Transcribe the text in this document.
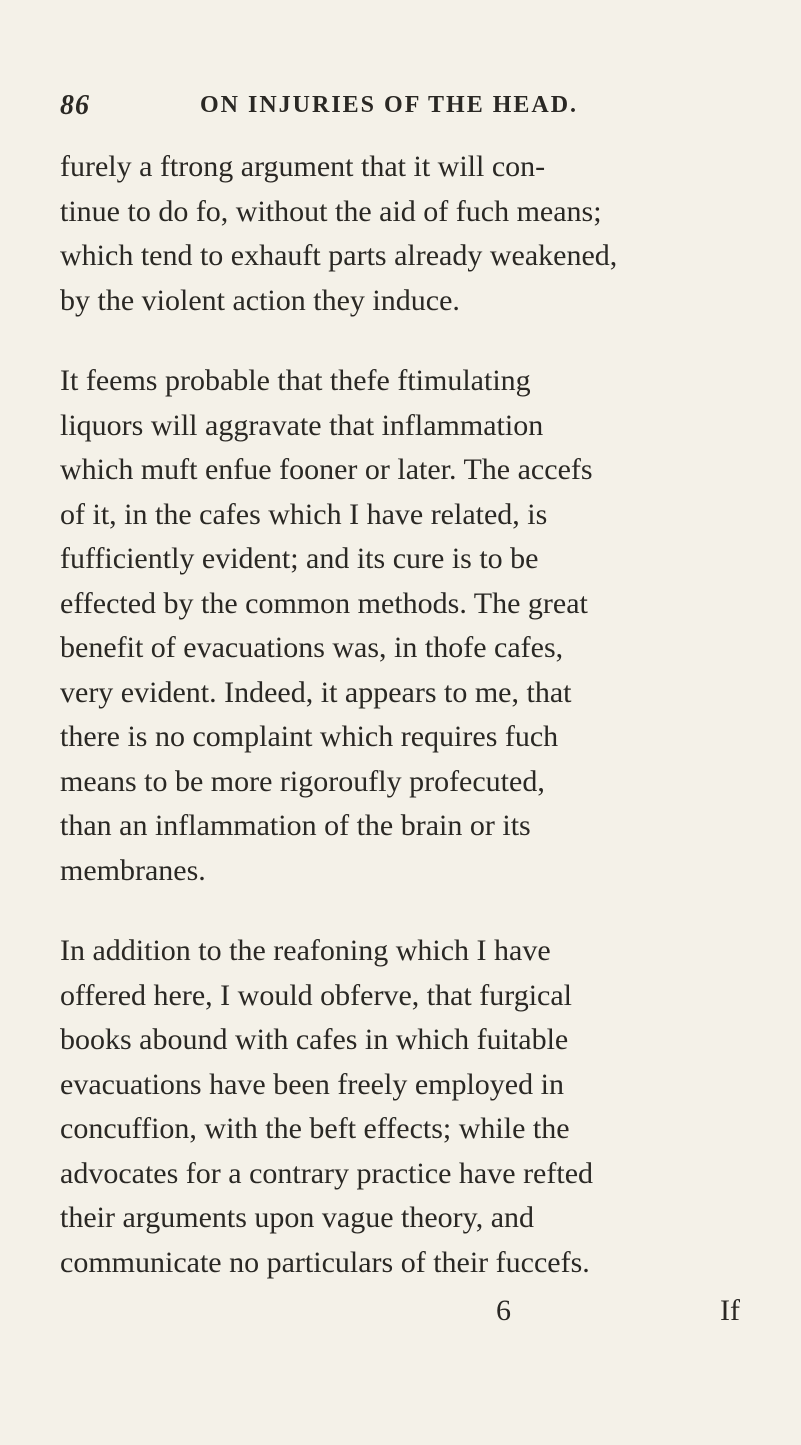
86	ON INJURIES OF THE HEAD.
furely a ftrong argument that it will con-
tinue to do fo, without the aid of fuch means;
which tend to exhauft parts already weakened,
by the violent action they induce.
It feems probable that thefe ftimulating
liquors will aggravate that inflammation
which muft enfue fooner or later. The accefs
of it, in the cafes which I have related, is
fufficiently evident; and its cure is to be
effected by the common methods. The great
benefit of evacuations was, in thofe cafes,
very evident. Indeed, it appears to me, that
there is no complaint which requires fuch
means to be more rigoroufly profecuted,
than an inflammation of the brain or its
membranes.
In addition to the reafoning which I have
offered here, I would obferve, that furgical
books abound with cafes in which fuitable
evacuations have been freely employed in
concuffion, with the beft effects; while the
advocates for a contrary practice have refted
their arguments upon vague theory, and
communicate no particulars of their fuccefs.
6	If
